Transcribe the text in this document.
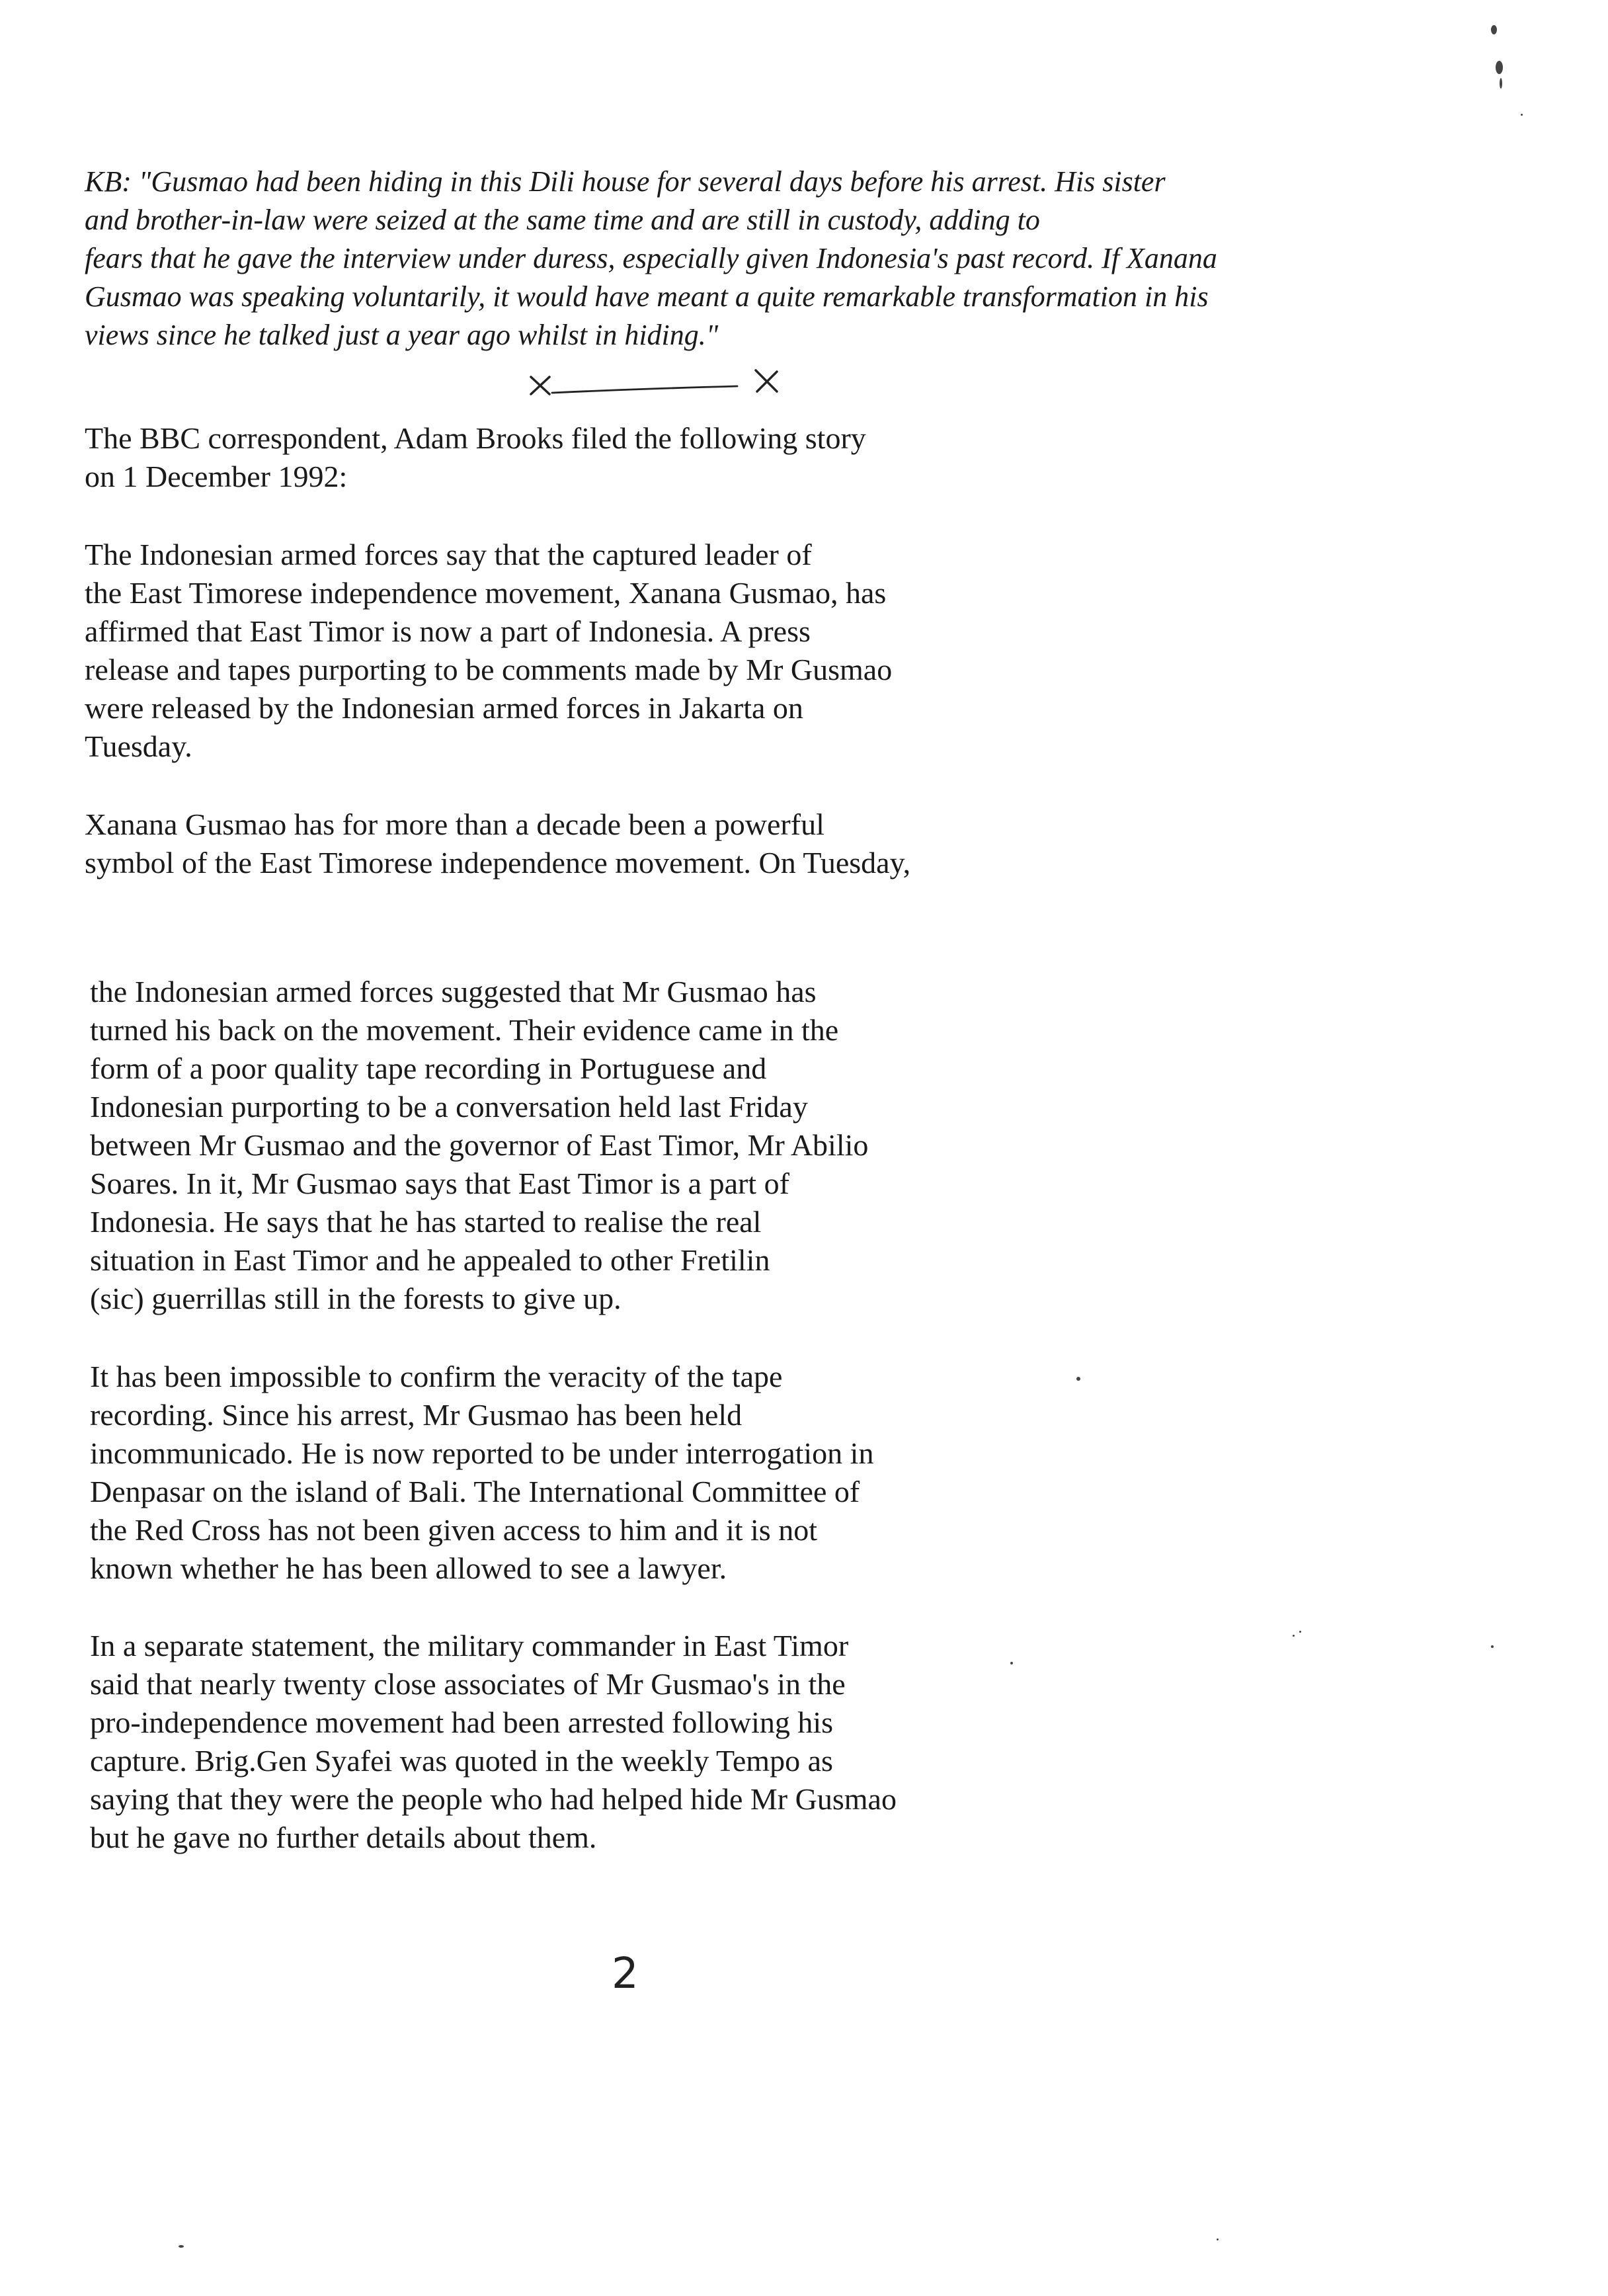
KB: "Gusmao had been hiding in this Dili house for several days before his arrest. His sister
and brother-in-law were seized at the same time and are still in custody, adding to
fears that he gave the interview under duress, especially given Indonesia's past record. If Xanana
Gusmao was speaking voluntarily, it would have meant a quite remarkable transformation in his
views since he talked just a year ago whilst in hiding."
The BBC correspondent, Adam Brooks filed the following story
on 1 December 1992:
The Indonesian armed forces say that the captured leader of
the East Timorese independence movement, Xanana Gusmao, has
affirmed that East Timor is now a part of Indonesia. A press
release and tapes purporting to be comments made by Mr Gusmao
were released by the Indonesian armed forces in Jakarta on
Tuesday.
Xanana Gusmao has for more than a decade been a powerful
symbol of the East Timorese independence movement. On Tuesday,
the Indonesian armed forces suggested that Mr Gusmao has
turned his back on the movement. Their evidence came in the
form of a poor quality tape recording in Portuguese and
Indonesian purporting to be a conversation held last Friday
between Mr Gusmao and the governor of East Timor, Mr Abilio
Soares. In it, Mr Gusmao says that East Timor is a part of
Indonesia. He says that he has started to realise the real
situation in East Timor and he appealed to other Fretilin
(sic) guerrillas still in the forests to give up.
It has been impossible to confirm the veracity of the tape
recording. Since his arrest, Mr Gusmao has been held
incommunicado. He is now reported to be under interrogation in
Denpasar on the island of Bali. The International Committee of
the Red Cross has not been given access to him and it is not
known whether he has been allowed to see a lawyer.
In a separate statement, the military commander in East Timor
said that nearly twenty close associates of Mr Gusmao's in the
pro-independence movement had been arrested following his
capture. Brig.Gen Syafei was quoted in the weekly Tempo as
saying that they were the people who had helped hide Mr Gusmao
but he gave no further details about them.
2
